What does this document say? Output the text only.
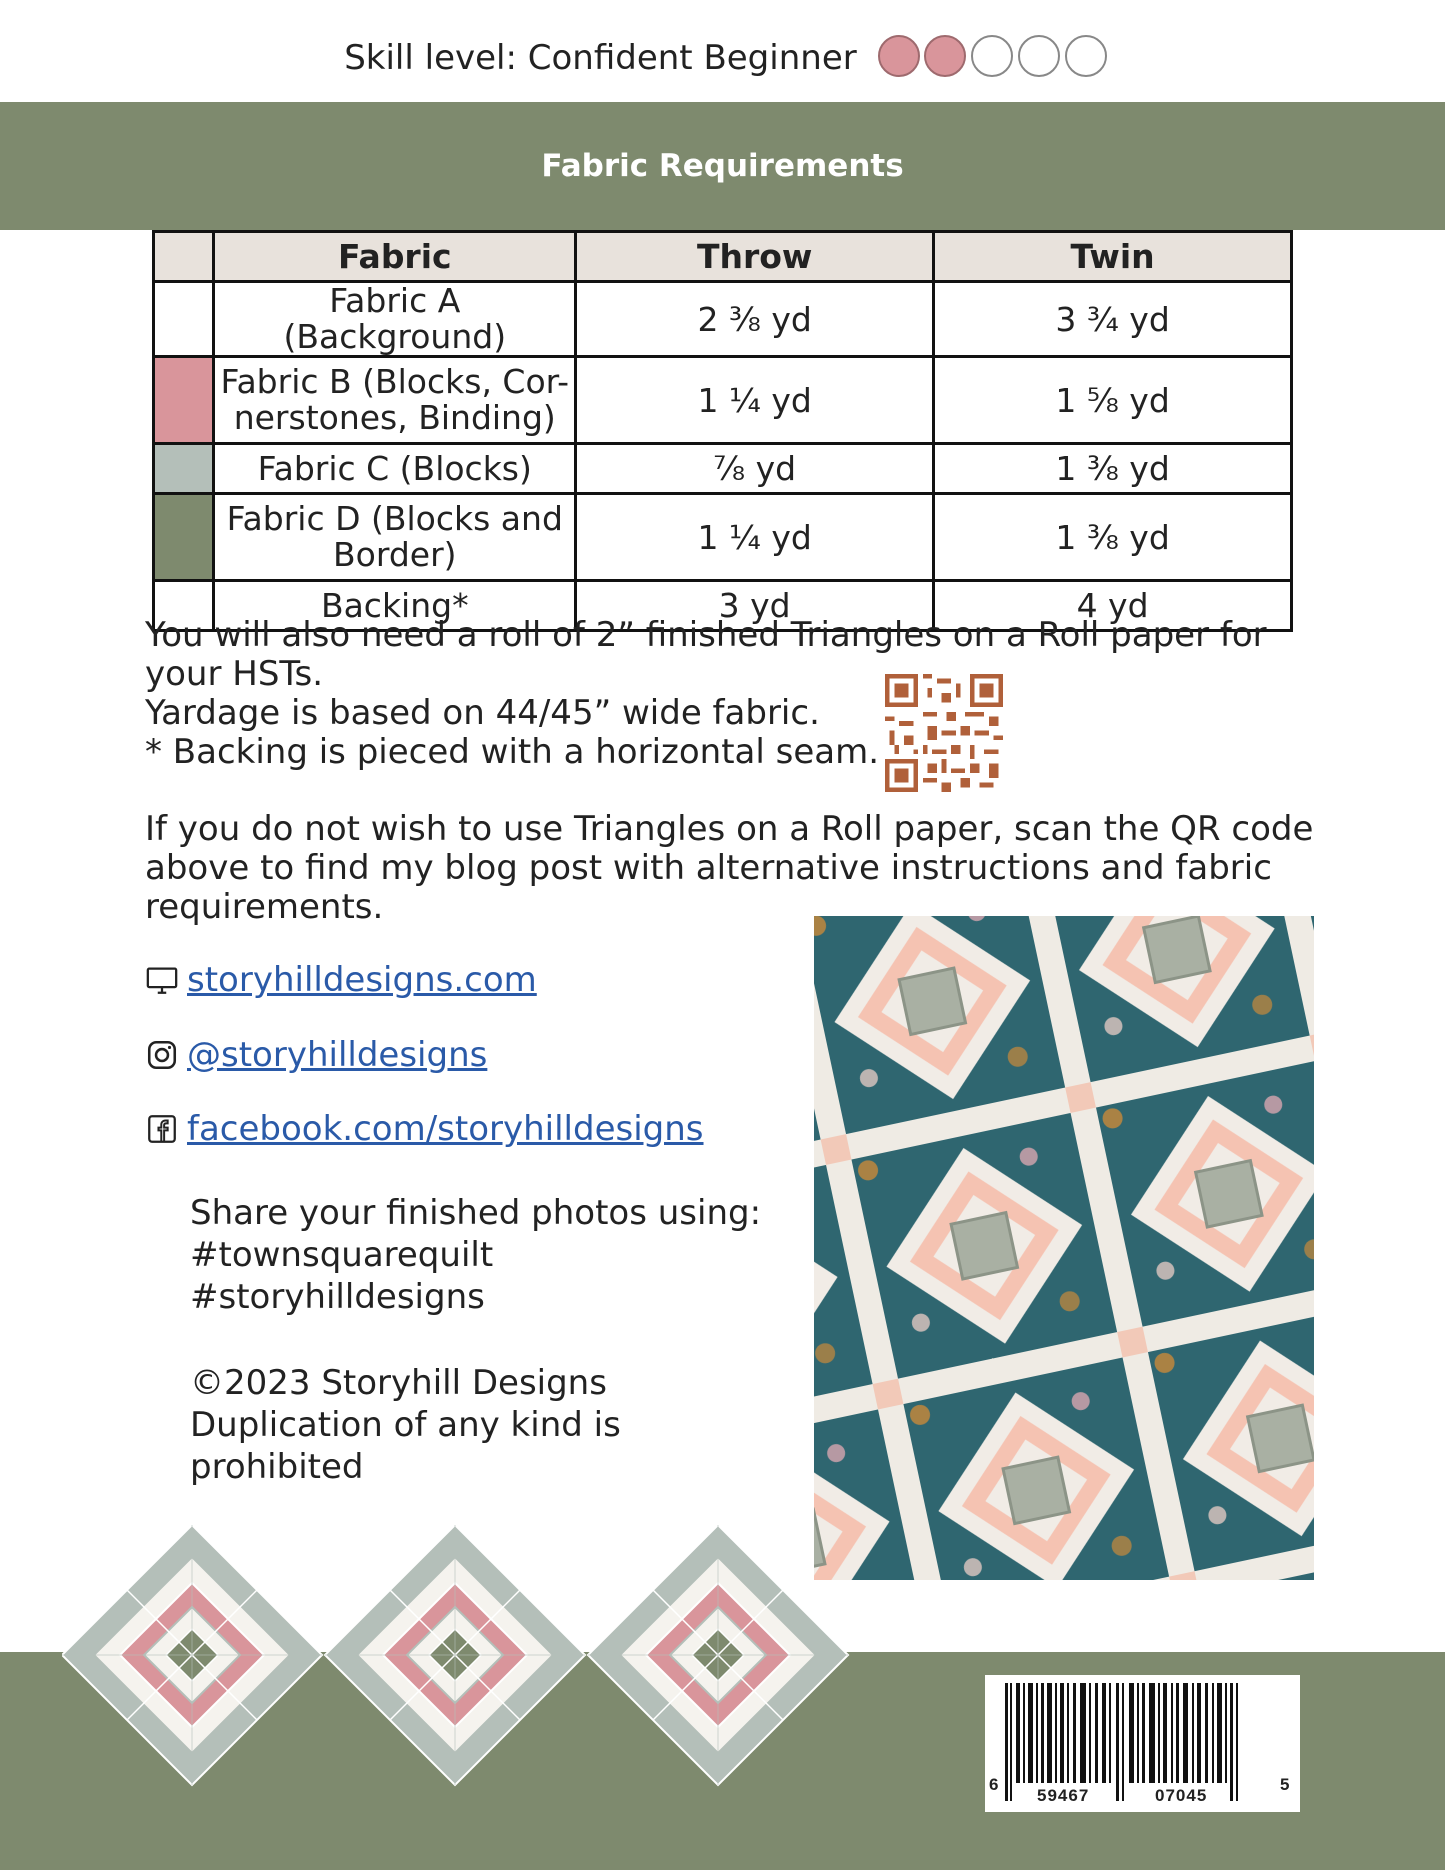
Skill level: Confident Beginner
Fabric Requirements
	Fabric	Throw	Twin
	Fabric A (Background)	2 ⅜ yd	3 ¾ yd
	Fabric B (Blocks, Cor-nerstones, Binding)	1 ¼ yd	1 ⅝ yd
	Fabric C (Blocks)	⅞ yd	1 ⅜ yd
	Fabric D (Blocks and Border)	1 ¼ yd	1 ⅜ yd
	Backing*	3 yd	4 yd

You will also need a roll of 2” finished Triangles on a Roll paper for your HSTs.

Yardage is based on 44/45” wide fabric.

* Backing is pieced with a horizontal seam.

If you do not wish to use Triangles on a Roll paper, scan the QR code above to find my blog post with alternative instructions and fabric requirements.
storyhilldesigns.com
@storyhilldesigns
facebook.com/storyhilldesigns
Share your finished photos using:
#townsquarequilt
#storyhilldesigns
©2023 Storyhill Designs
Duplication of any kind is prohibited
6
59467	07045
5
